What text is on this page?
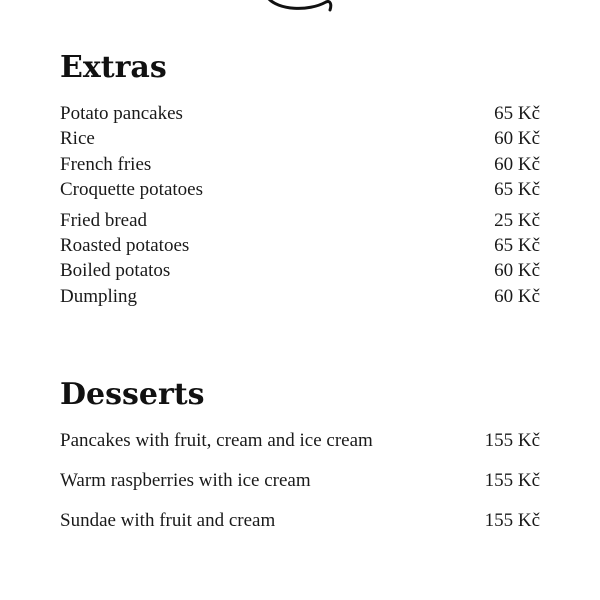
Extras
Potato pancakes	65 Kč
Rice	60 Kč
French fries	60 Kč
Croquette potatoes	65 Kč
Fried bread	25 Kč
Roasted potatoes	65 Kč
Boiled potatos	60 Kč
Dumpling	60 Kč
Desserts
Pancakes with fruit, cream and ice cream	155 Kč
Warm raspberries with ice cream	155 Kč
Sundae with fruit and cream	155 Kč
